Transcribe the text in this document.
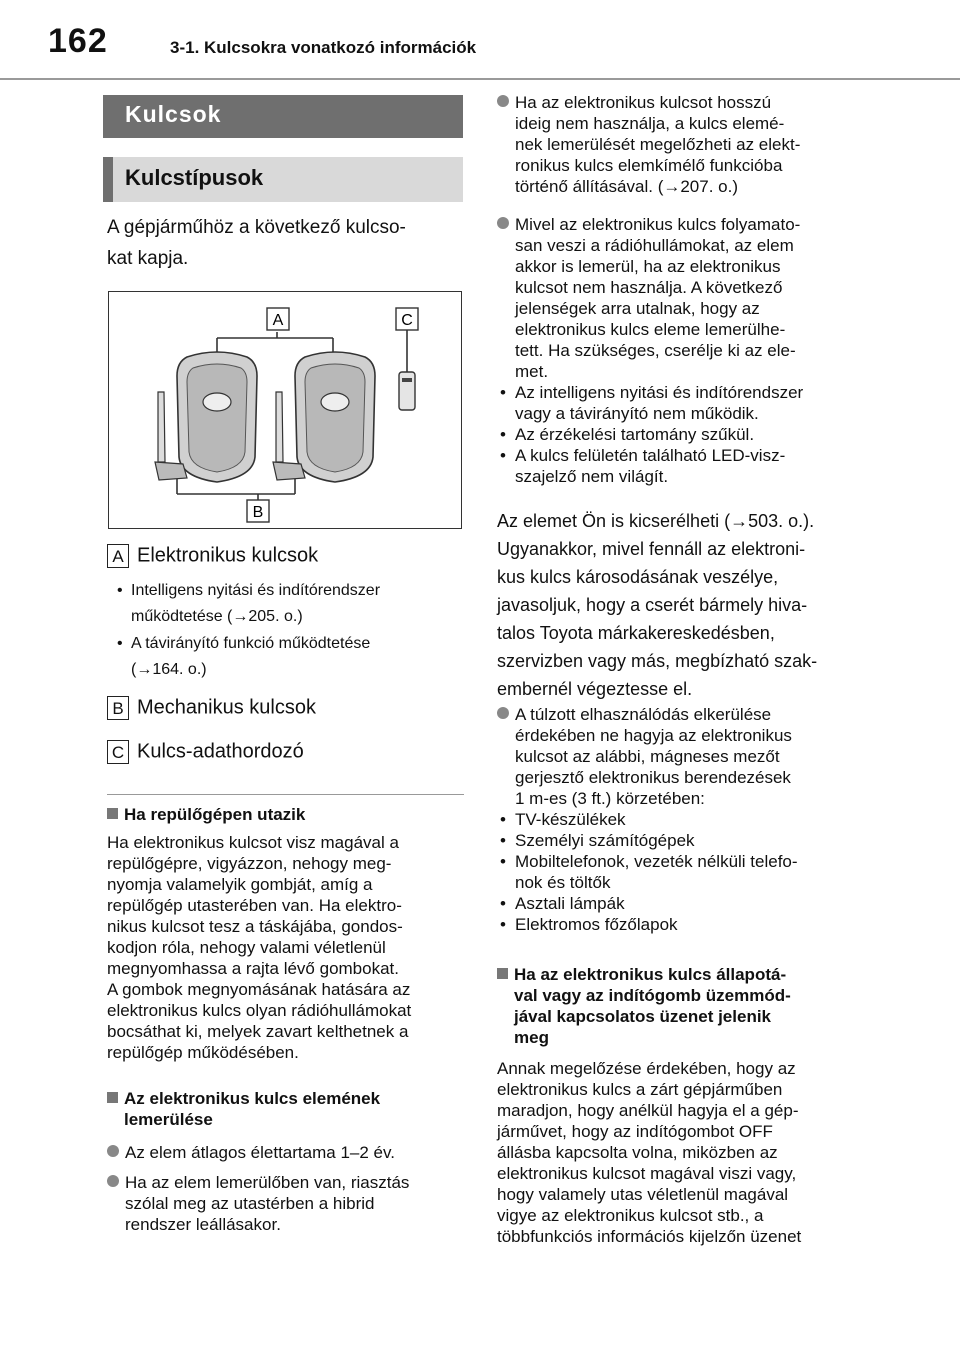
162	3-1. Kulcsokra vonatkozó információk
Kulcsok
Kulcstípusok
A gépjárműhöz a következő kulcso-
kat kapja.
A	C
B
A Elektronikus kulcsok
• Intelligens nyitási és indítórendszer
működtetése (→205. o.)
• A távirányító funkció működtetése
(→164. o.)
B Mechanikus kulcsok
C Kulcs-adathordozó
Ha repülőgépen utazik
Ha elektronikus kulcsot visz magával a
repülőgépre, vigyázzon, nehogy meg-
nyomja valamelyik gombját, amíg a
repülőgép utasterében van. Ha elektro-
nikus kulcsot tesz a táskájába, gondos-
kodjon róla, nehogy valami véletlenül
megnyomhassa a rajta lévő gombokat.
A gombok megnyomásának hatására az
elektronikus kulcs olyan rádióhullámokat
bocsáthat ki, melyek zavart kelthetnek a
repülőgép működésében.
Az elektronikus kulcs elemének
lemerülése
Az elem átlagos élettartama 1–2 év.
Ha az elem lemerülőben van, riasztás
szólal meg az utastérben a hibrid
rendszer leállásakor.
Ha az elektronikus kulcsot hosszú
ideig nem használja, a kulcs elemé-
nek lemerülését megelőzheti az elekt-
ronikus kulcs elemkímélő funkcióba
történő állításával. (→207. o.)
Mivel az elektronikus kulcs folyamato-
san veszi a rádióhullámokat, az elem
akkor is lemerül, ha az elektronikus
kulcsot nem használja. A következő
jelenségek arra utalnak, hogy az
elektronikus kulcs eleme lemerülhe-
tett. Ha szükséges, cserélje ki az ele-
met.
• Az intelligens nyitási és indítórendszer
vagy a távirányító nem működik.
• Az érzékelési tartomány szűkül.
• A kulcs felületén található LED-visz-
szajelző nem világít.
Az elemet Ön is kicserélheti (→503. o.).
Ugyanakkor, mivel fennáll az elektroni-
kus kulcs károsodásának veszélye,
javasoljuk, hogy a cserét bármely hiva-
talos Toyota márkakereskedésben,
szervizben vagy más, megbízható szak-
embernél végeztesse el.
A túlzott elhasználódás elkerülése
érdekében ne hagyja az elektronikus
kulcsot az alábbi, mágneses mezőt
gerjesztő elektronikus berendezések
1 m-es (3 ft.) körzetében:
• TV-készülékek
• Személyi számítógépek
• Mobiltelefonok, vezeték nélküli telefo-
nok és töltők
• Asztali lámpák
• Elektromos főzőlapok
Ha az elektronikus kulcs állapotá-
val vagy az indítógomb üzemmód-
jával kapcsolatos üzenet jelenik
meg
Annak megelőzése érdekében, hogy az
elektronikus kulcs a zárt gépjárműben
maradjon, hogy anélkül hagyja el a gép-
járművet, hogy az indítógombot OFF
állásba kapcsolta volna, miközben az
elektronikus kulcsot magával viszi vagy,
hogy valamely utas véletlenül magával
vigye az elektronikus kulcsot stb., a
többfunkciós információs kijelzőn üzenet
